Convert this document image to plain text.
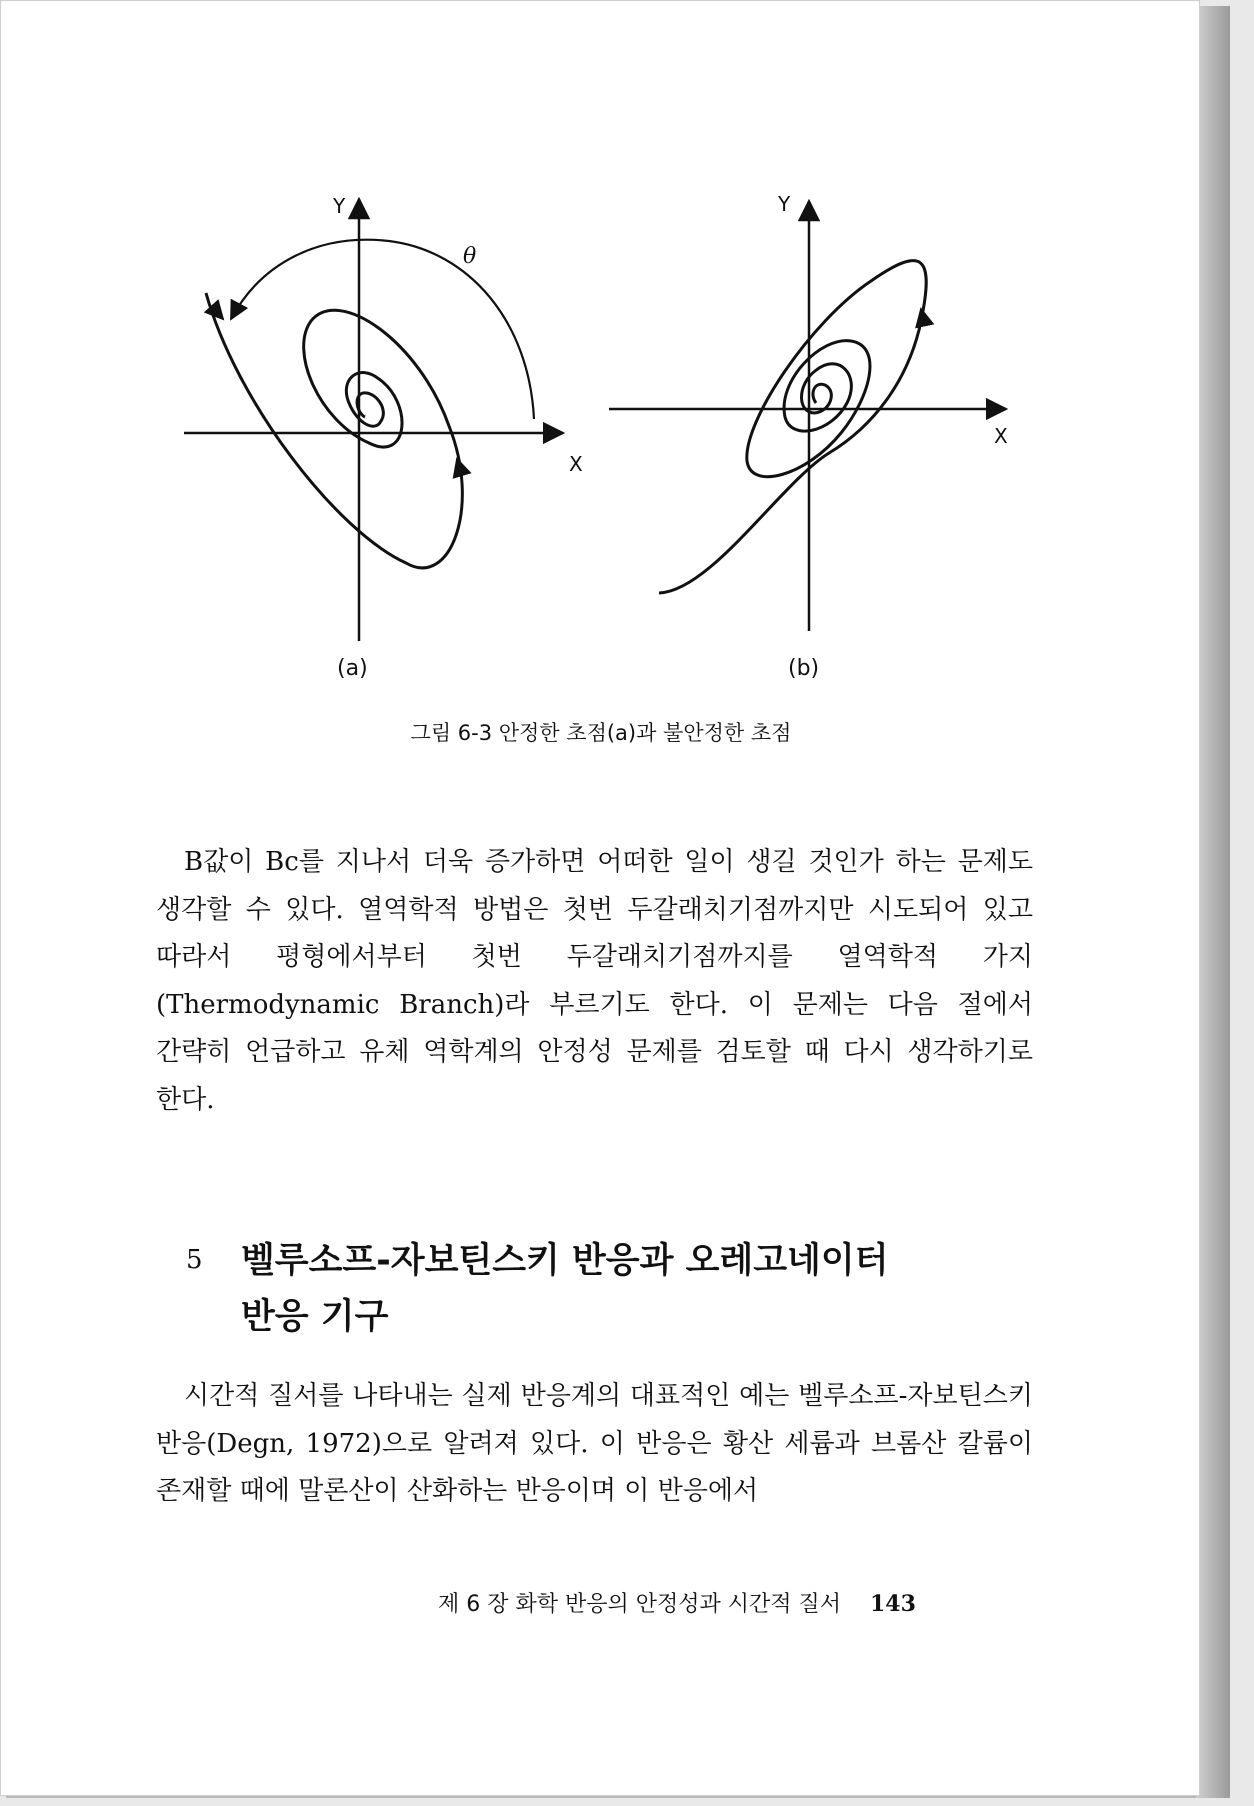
Y
X
θ
(a)
Y
X
(b)
그림 6-3 안정한 초점(a)과 불안정한 초점

B값이 Bc를 지나서 더욱 증가하면 어떠한 일이 생길 것인가 하는 문제도 생각할 수 있다. 열역학적 방법은 첫번 두갈래치기점까지만 시도되어 있고 따라서 평형에서부터 첫번 두갈래치기점까지를 열역학적 가지(Thermodynamic Branch)라 부르기도 한다. 이 문제는 다음 절에서 간략히 언급하고 유체 역학계의 안정성 문제를 검토할 때 다시 생각하기로 한다.

5 벨루소프-자보틴스키 반응과 오레고네이터
반응 기구

시간적 질서를 나타내는 실제 반응계의 대표적인 예는 벨루소프-자보틴스키 반응(Degn, 1972)으로 알려져 있다. 이 반응은 황산 세륨과 브롬산 칼륨이 존재할 때에 말론산이 산화하는 반응이며 이 반응에서

제 6 장 화학 반응의 안정성과 시간적 질서 143
